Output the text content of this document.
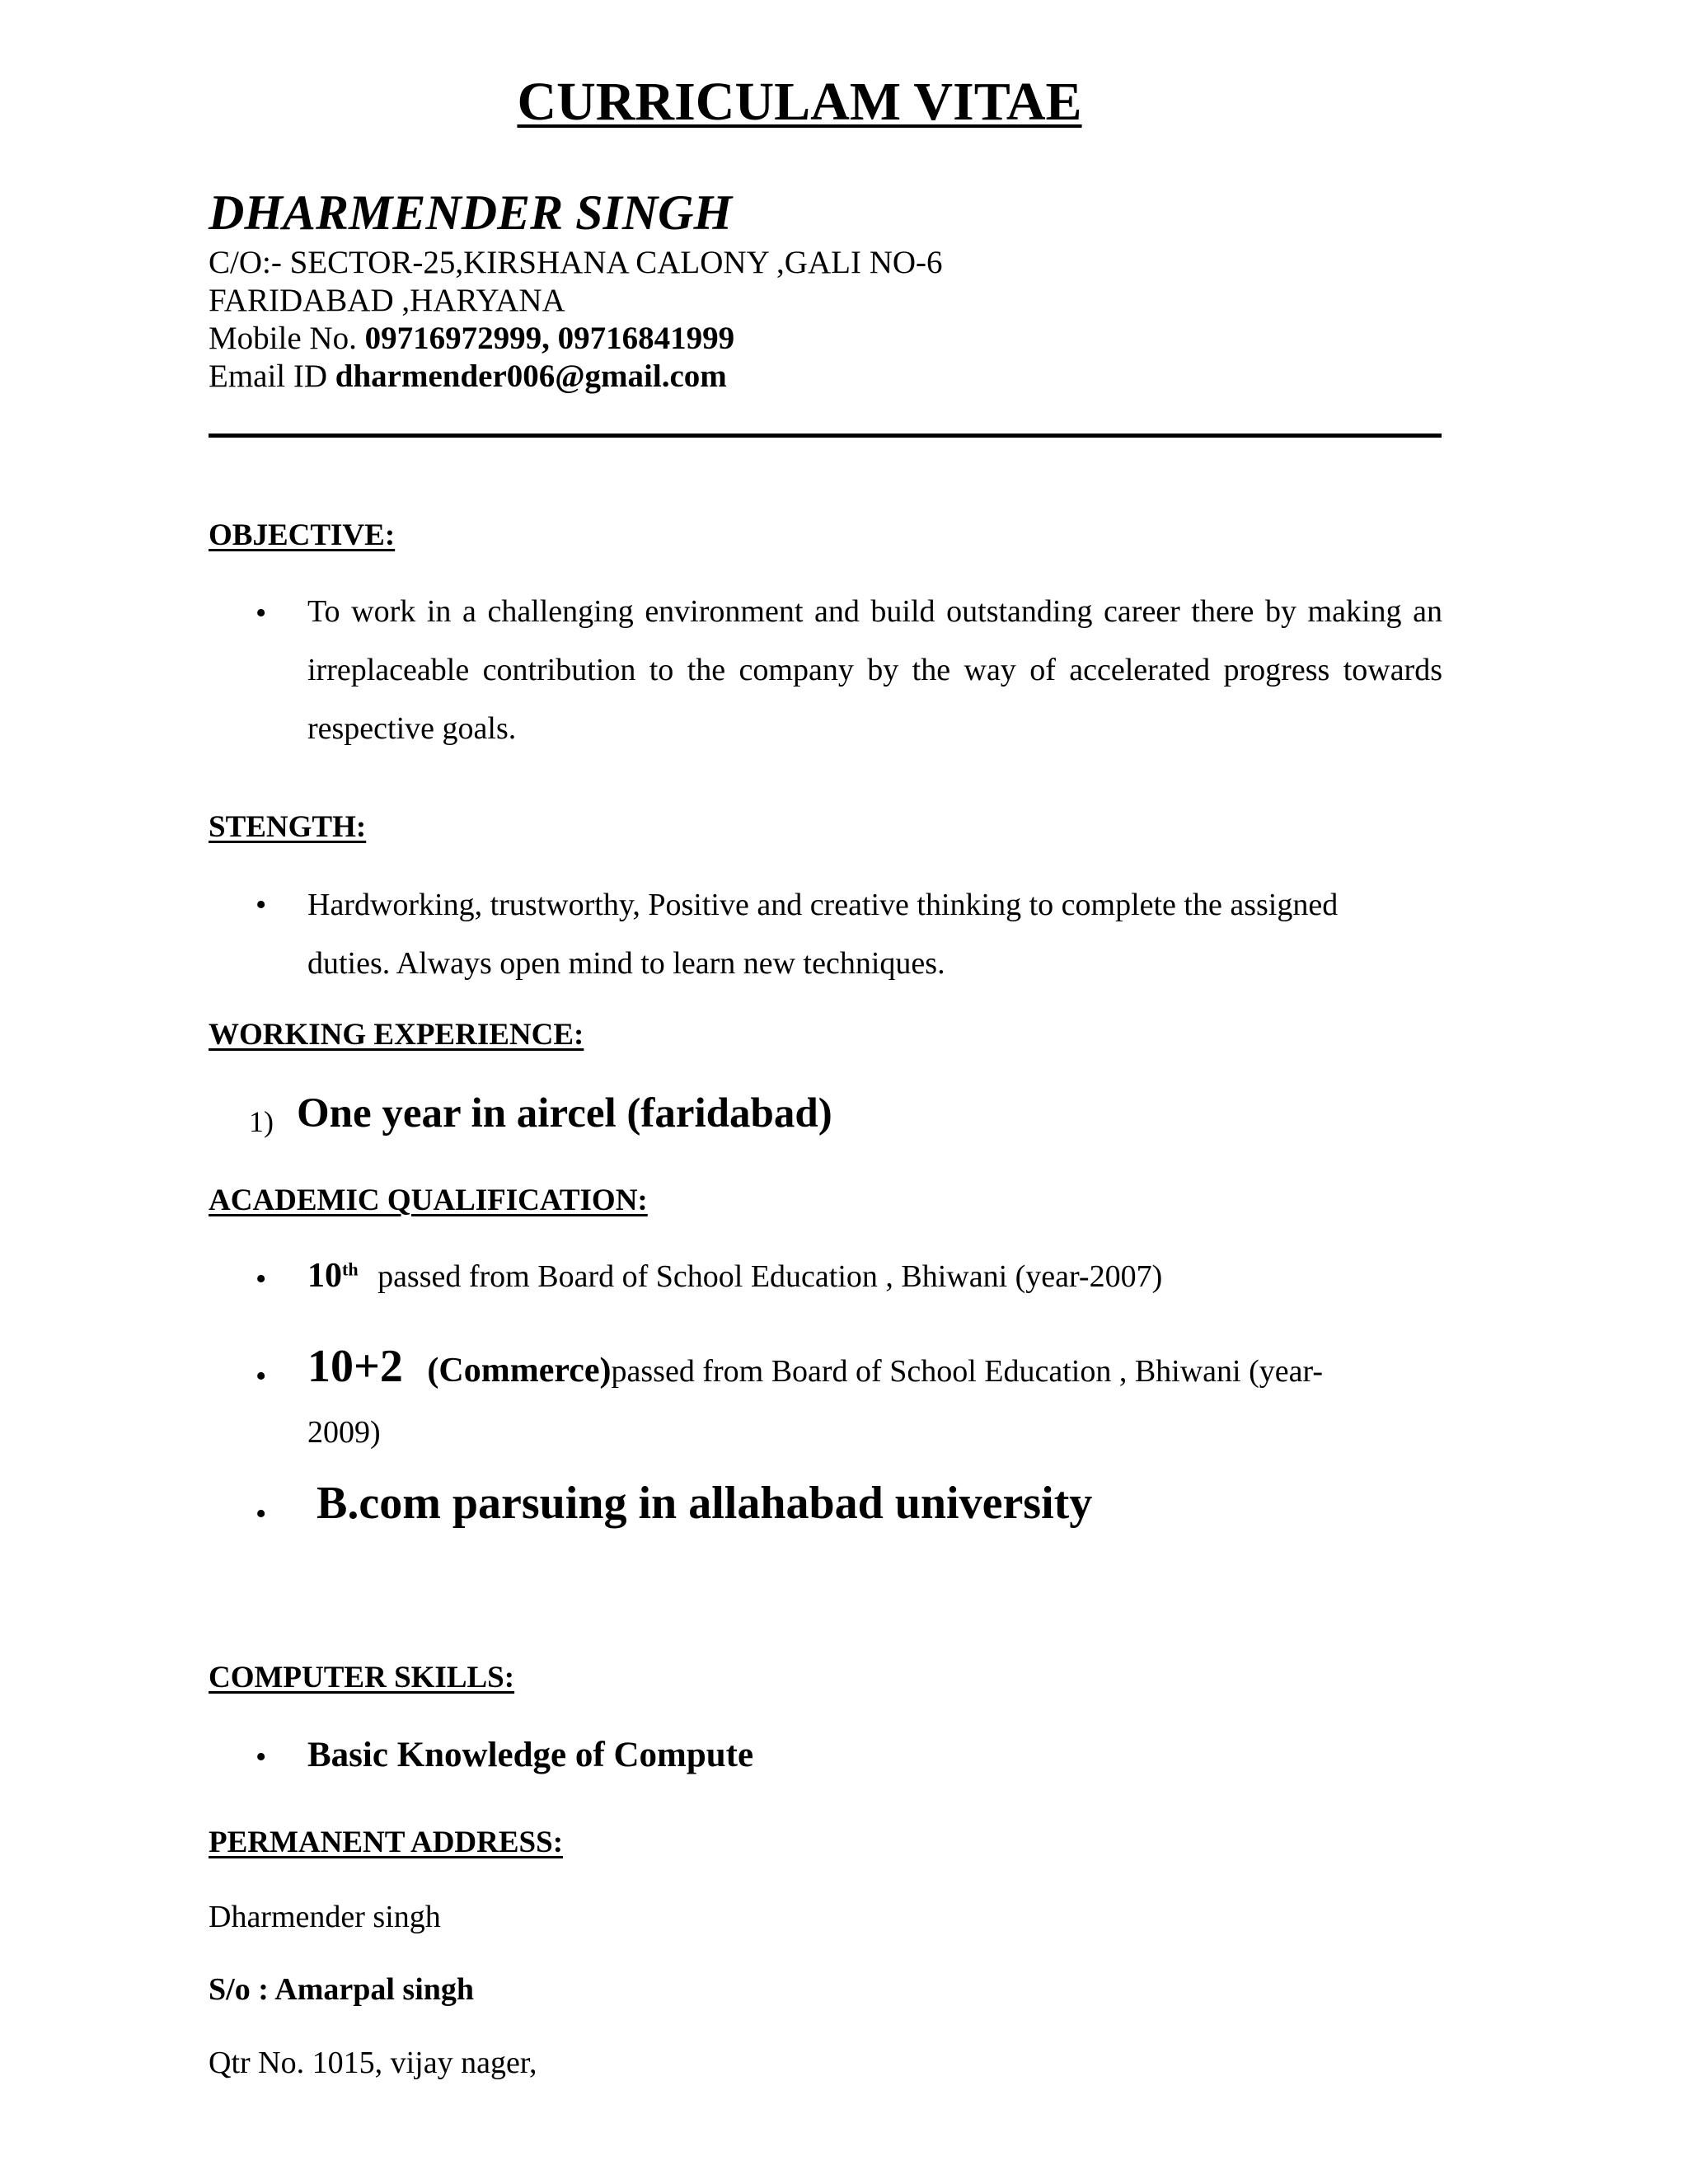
CURRICULAM VITAE
DHARMENDER SINGH
C/O:- SECTOR-25,KIRSHANA CALONY ,GALI NO-6
FARIDABAD ,HARYANA
Mobile No. 09716972999, 09716841999
Email ID dharmender006@gmail.com
OBJECTIVE:
• To work in a challenging environment and build outstanding career there by making an irreplaceable contribution to the company by the way of accelerated progress towards respective goals.
STENGTH:
• Hardworking, trustworthy, Positive and creative thinking to complete the assigned
duties. Always open mind to learn new techniques.
WORKING EXPERIENCE:
1) One year in aircel (faridabad)
ACADEMIC QUALIFICATION:
• 10th passed from Board of School Education , Bhiwani (year-2007)
• 10+2 (Commerce)passed from Board of School Education , Bhiwani (year-
2009)
• B.com parsuing in allahabad university
COMPUTER SKILLS:
• Basic Knowledge of Compute
PERMANENT ADDRESS:
Dharmender singh
S/o : Amarpal singh
Qtr No. 1015, vijay nager,
